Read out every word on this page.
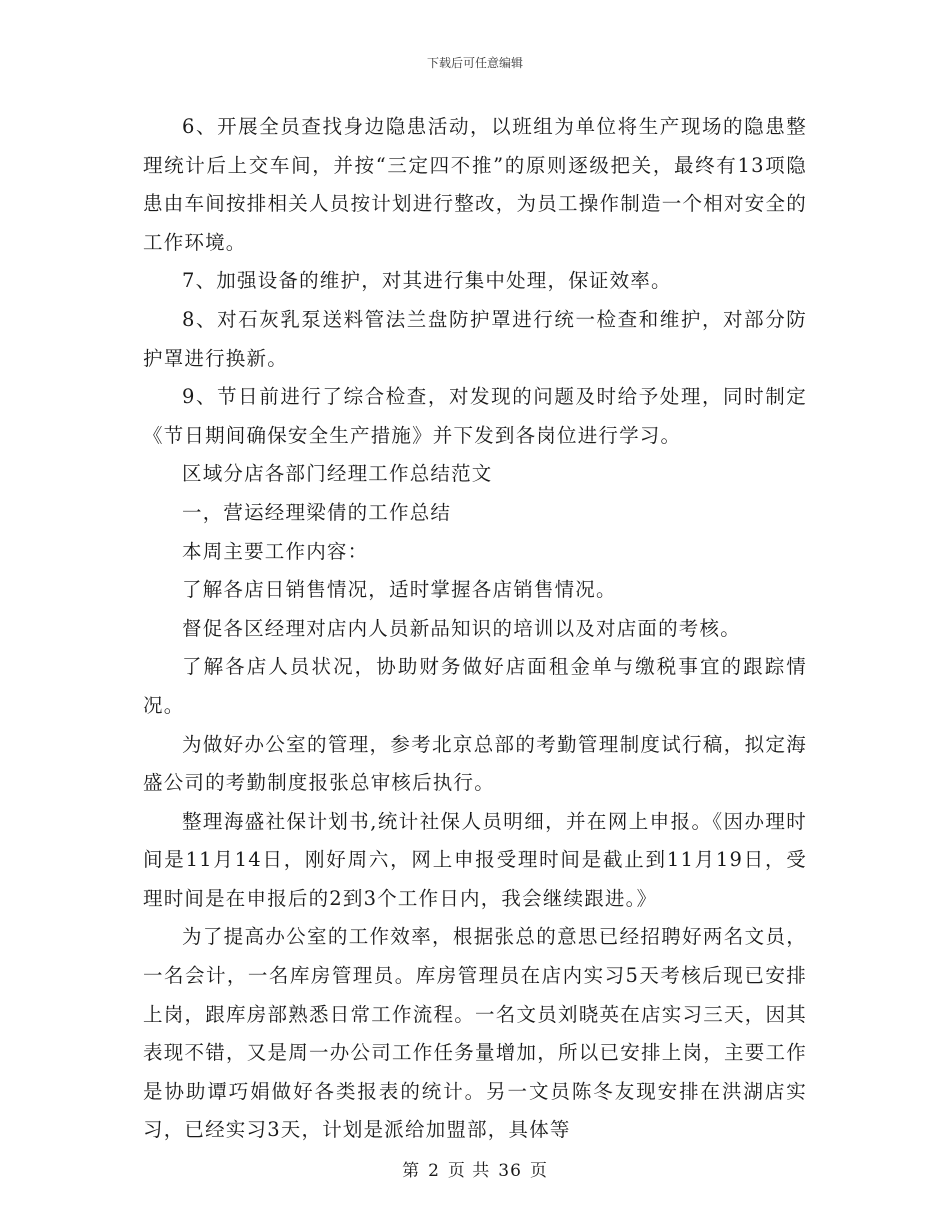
下载后可任意编辑

6、开展全员查找身边隐患活动，以班组为单位将生产现场的隐患整理统计后上交车间，并按“三定四不推”的原则逐级把关，最终有13项隐患由车间按排相关人员按计划进行整改，为员工操作制造一个相对安全的工作环境。

7、加强设备的维护，对其进行集中处理，保证效率。

8、对石灰乳泵送料管法兰盘防护罩进行统一检查和维护，对部分防护罩进行换新。

9、节日前进行了综合检查，对发现的问题及时给予处理，同时制定《节日期间确保安全生产措施》并下发到各岗位进行学习。

区域分店各部门经理工作总结范文

一，营运经理梁倩的工作总结

本周主要工作内容：

了解各店日销售情况，适时掌握各店销售情况。

督促各区经理对店内人员新品知识的培训以及对店面的考核。

了解各店人员状况，协助财务做好店面租金单与缴税事宜的跟踪情况。

为做好办公室的管理，参考北京总部的考勤管理制度试行稿，拟定海盛公司的考勤制度报张总审核后执行。

整理海盛社保计划书,统计社保人员明细，并在网上申报。《因办理时间是11月14日，刚好周六，网上申报受理时间是截止到11月19日，受理时间是在申报后的2到3个工作日内，我会继续跟进。》

为了提高办公室的工作效率，根据张总的意思已经招聘好两名文员，一名会计，一名库房管理员。库房管理员在店内实习5天考核后现已安排上岗，跟库房部熟悉日常工作流程。一名文员刘晓英在店实习三天，因其表现不错，又是周一办公司工作任务量增加，所以已安排上岗，主要工作是协助谭巧娟做好各类报表的统计。另一文员陈冬友现安排在洪湖店实习，已经实习3天，计划是派给加盟部，具体等

第 2 页 共 36 页
